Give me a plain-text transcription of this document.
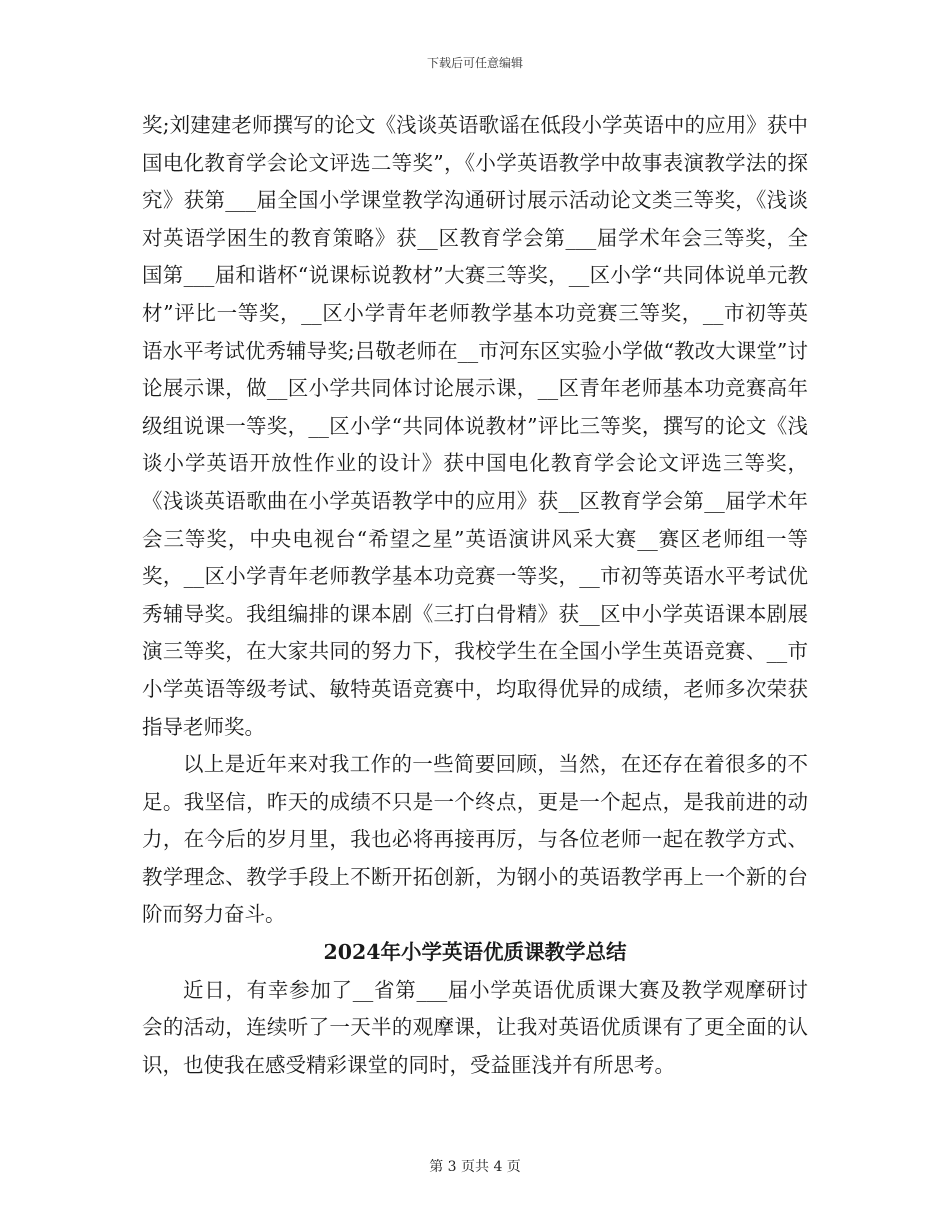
下载后可任意编辑

奖;刘建建老师撰写的论文《浅谈英语歌谣在低段小学英语中的应用》获中国电化教育学会论文评选二等奖”，《小学英语教学中故事表演教学法的探究》获第___届全国小学课堂教学沟通研讨展示活动论文类三等奖，《浅谈对英语学困生的教育策略》获__区教育学会第___届学术年会三等奖，全国第___届和谐杯“说课标说教材”大赛三等奖，__区小学“共同体说单元教材”评比一等奖，__区小学青年老师教学基本功竞赛三等奖，__市初等英语水平考试优秀辅导奖;吕敬老师在__市河东区实验小学做“教改大课堂”讨论展示课，做__区小学共同体讨论展示课，__区青年老师基本功竞赛高年级组说课一等奖，__区小学“共同体说教材”评比三等奖，撰写的论文《浅谈小学英语开放性作业的设计》获中国电化教育学会论文评选三等奖，《浅谈英语歌曲在小学英语教学中的应用》获__区教育学会第__届学术年会三等奖，中央电视台“希望之星”英语演讲风采大赛__赛区老师组一等奖，__区小学青年老师教学基本功竞赛一等奖，__市初等英语水平考试优秀辅导奖。我组编排的课本剧《三打白骨精》获__区中小学英语课本剧展演三等奖，在大家共同的努力下，我校学生在全国小学生英语竞赛、__市小学英语等级考试、敏特英语竞赛中，均取得优异的成绩，老师多次荣获指导老师奖。

以上是近年来对我工作的一些简要回顾，当然，在还存在着很多的不足。我坚信，昨天的成绩不只是一个终点，更是一个起点，是我前进的动力，在今后的岁月里，我也必将再接再厉，与各位老师一起在教学方式、教学理念、教学手段上不断开拓创新，为钢小的英语教学再上一个新的台阶而努力奋斗。

2024年小学英语优质课教学总结

近日，有幸参加了__省第___届小学英语优质课大赛及教学观摩研讨会的活动，连续听了一天半的观摩课，让我对英语优质课有了更全面的认识，也使我在感受精彩课堂的同时，受益匪浅并有所思考。

第 3 页共 4 页
